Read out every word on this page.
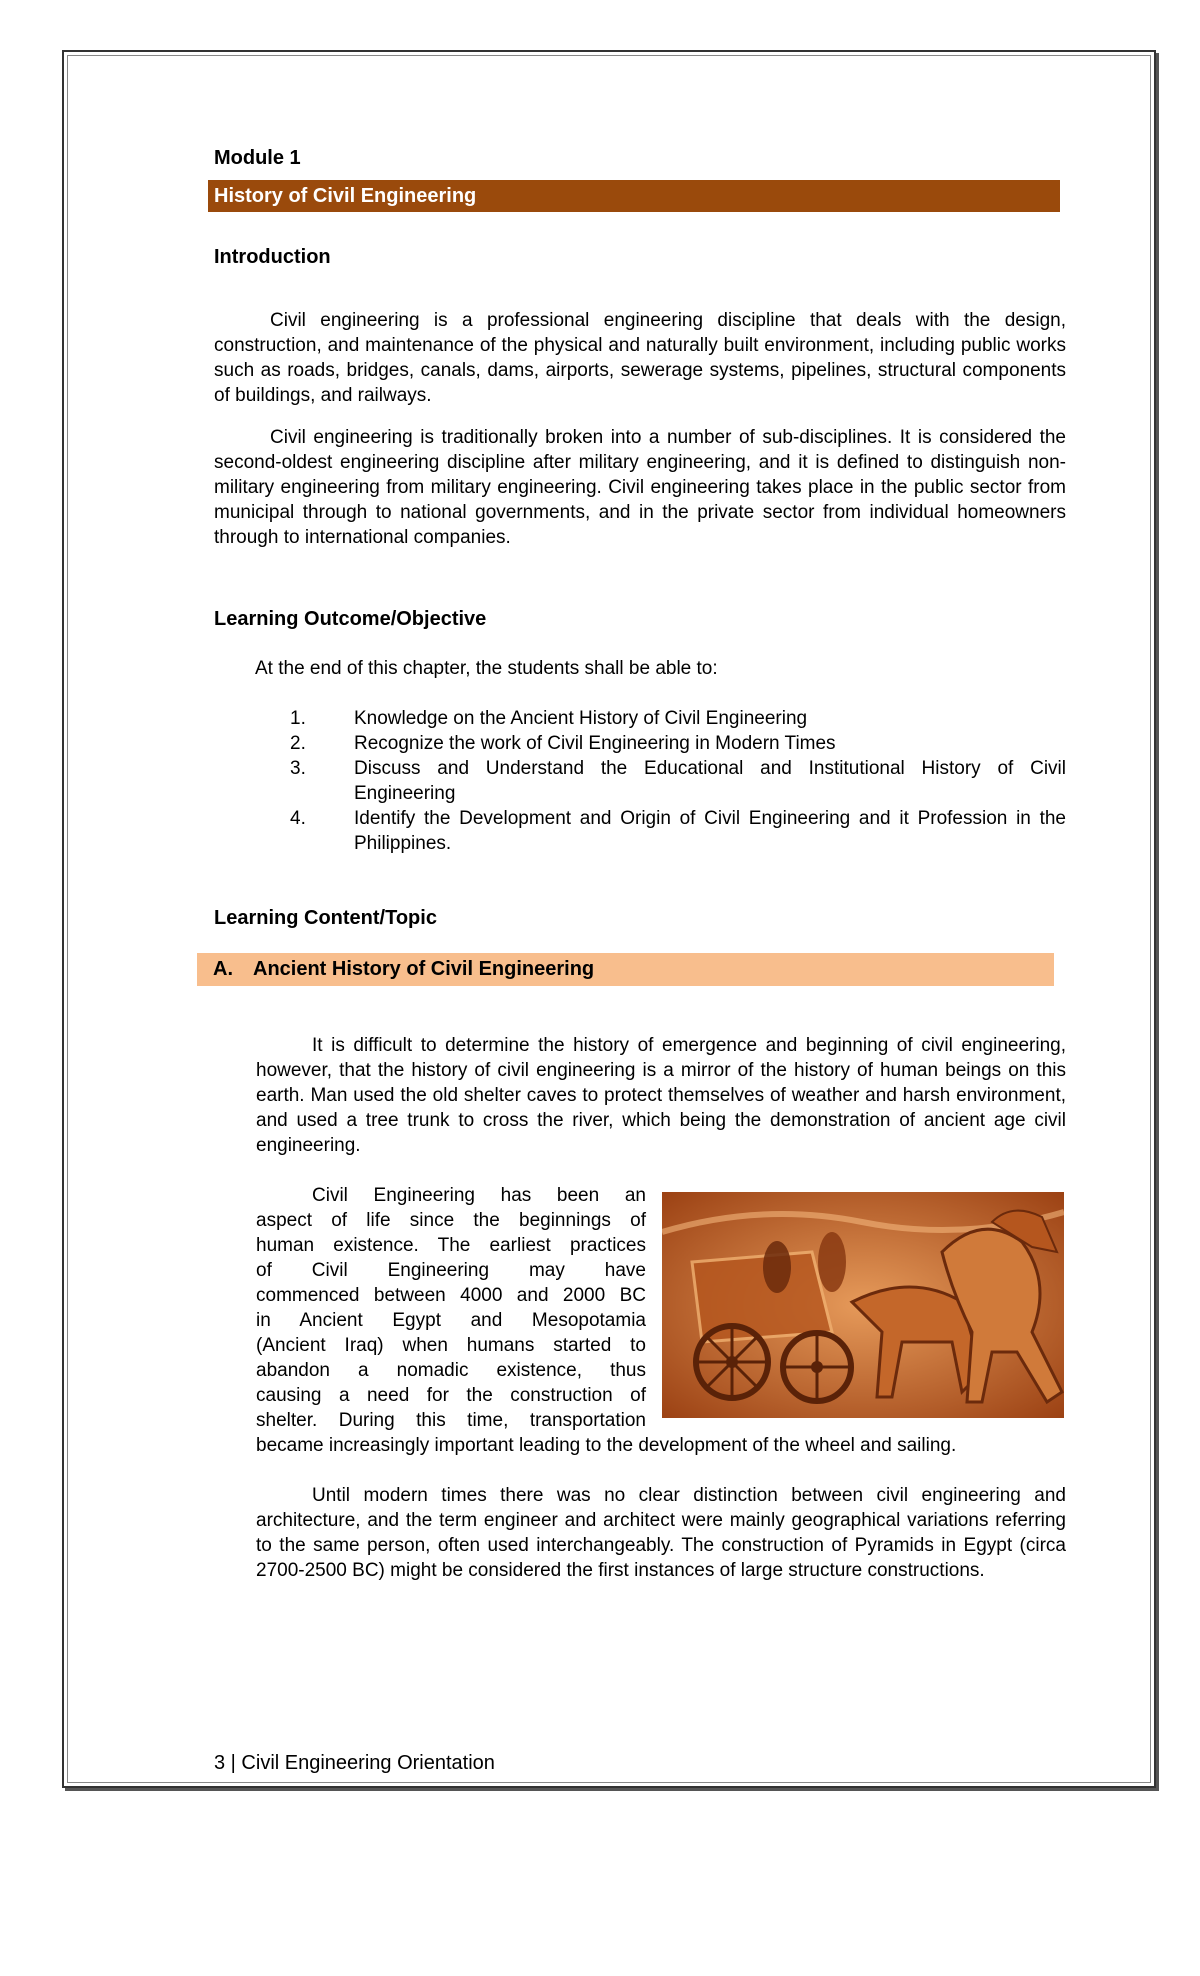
Module 1
History of Civil Engineering
Introduction
Civil engineering is a professional engineering discipline that deals with the design, construction, and maintenance of the physical and naturally built environment, including public works such as roads, bridges, canals, dams, airports, sewerage systems, pipelines, structural components of buildings, and railways.
Civil engineering is traditionally broken into a number of sub-disciplines. It is considered the second-oldest engineering discipline after military engineering, and it is defined to distinguish non-military engineering from military engineering. Civil engineering takes place in the public sector from municipal through to national governments, and in the private sector from individual homeowners through to international companies.
Learning Outcome/Objective
At the end of this chapter, the students shall be able to:
1.	Knowledge on the Ancient History of Civil Engineering
2.	Recognize the work of Civil Engineering in Modern Times
3.	Discuss and Understand the Educational and Institutional History of Civil Engineering
4.	Identify the Development and Origin of Civil Engineering and it Profession in the Philippines.
Learning Content/Topic
A. Ancient History of Civil Engineering
It is difficult to determine the history of emergence and beginning of civil engineering, however, that the history of civil engineering is a mirror of the history of human beings on this earth. Man used the old shelter caves to protect themselves of weather and harsh environment, and used a tree trunk to cross the river, which being the demonstration of ancient age civil engineering.
Civil Engineering has been an
aspect of life since the beginnings of
human existence. The earliest practices
of Civil Engineering may have
commenced between 4000 and 2000 BC
in Ancient Egypt and Mesopotamia
(Ancient Iraq) when humans started to
abandon a nomadic existence, thus
causing a need for the construction of
shelter. During this time, transportation
became increasingly important leading to the development of the wheel and sailing.
Until modern times there was no clear distinction between civil engineering and architecture, and the term engineer and architect were mainly geographical variations referring to the same person, often used interchangeably. The construction of Pyramids in Egypt (circa 2700-2500 BC) might be considered the first instances of large structure constructions.
3 | Civil Engineering Orientation
